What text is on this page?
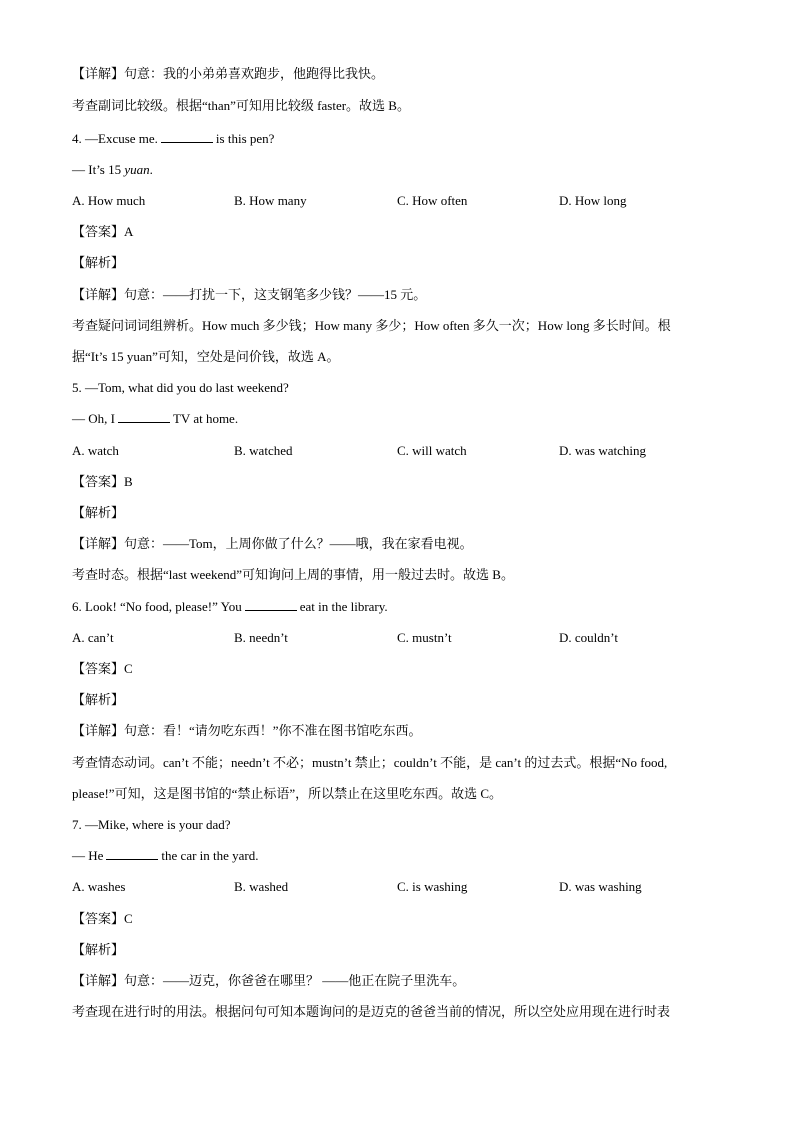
【详解】句意：我的小弟弟喜欢跑步，他跑得比我快。
考查副词比较级。根据“than”可知用比较级 faster。故选 B。
4. —Excuse me.	is this pen?
— It’s 15 yuan.
A. How much	B. How many	C. How often	D. How long
【答案】A
【解析】
【详解】句意：——打扰一下，这支钢笔多少钱？——15 元。
考查疑问词词组辨析。How much 多少钱；How many 多少；How often 多久一次；How long 多长时间。根
据“It’s 15 yuan”可知，空处是问价钱，故选 A。
5. —Tom, what did you do last weekend?
— Oh, I	TV at home.
A. watch	B. watched	C. will watch	D. was watching
【答案】B
【解析】
【详解】句意：——Tom，上周你做了什么？——哦，我在家看电视。
考查时态。根据“last weekend”可知询问上周的事情，用一般过去时。故选 B。
6. Look! “No food, please!” You	eat in the library.
A. can’t	B. needn’t	C. mustn’t	D. couldn’t
【答案】C
【解析】
【详解】句意：看！“请勿吃东西！”你不准在图书馆吃东西。
考查情态动词。can’t 不能；needn’t 不必；mustn’t 禁止；couldn’t 不能，是 can’t 的过去式。根据“No food,
please!”可知，这是图书馆的“禁止标语”，所以禁止在这里吃东西。故选 C。
7. —Mike, where is your dad?
— He	the car in the yard.
A. washes	B. washed	C. is washing	D. was washing
【答案】C
【解析】
【详解】句意：——迈克，你爸爸在哪里？ ——他正在院子里洗车。
考查现在进行时的用法。根据问句可知本题询问的是迈克的爸爸当前的情况，所以空处应用现在进行时表
